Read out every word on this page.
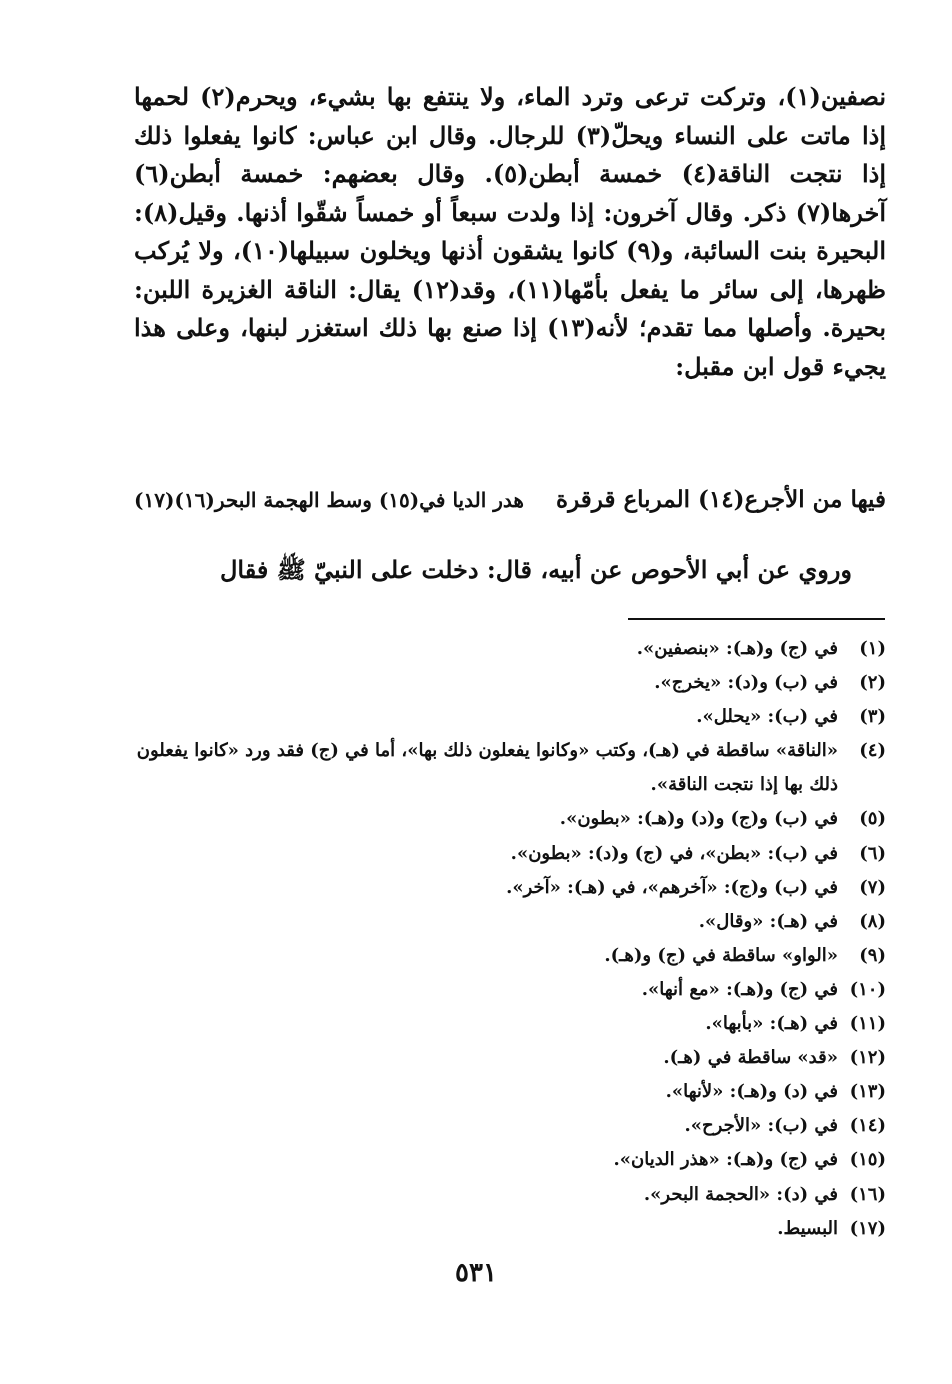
نصفين(١)، وتركت ترعى وترد الماء، ولا ينتفع بها بشيء، ويحرم(٢) لحمها إذا ماتت على النساء ويحلّ(٣) للرجال. وقال ابن عباس: كانوا يفعلوا ذلك إذا نتجت الناقة(٤) خمسة أبطن(٥). وقال بعضهم: خمسة أبطن(٦) آخرها(٧) ذكر. وقال آخرون: إذا ولدت سبعاً أو خمساً شقّوا أذنها. وقيل(٨): البحيرة بنت السائبة، و(٩) كانوا يشقون أذنها ويخلون سبيلها(١٠)، ولا يُركب ظهرها، إلى سائر ما يفعل بأمّها(١١)، وقد(١٢) يقال: الناقة الغزيرة اللبن: بحيرة. وأصلها مما تقدم؛ لأنه(١٣) إذا صنع بها ذلك استغزر لبنها، وعلى هذا يجيء قول ابن مقبل:

فيها من الأجرع(١٤) المرباع قرقرة
هدر الديا في(١٥) وسط الهجمة البحر(١٦)(١٧)
وروي عن أبي الأحوص عن أبيه، قال: دخلت على النبيّ ﷺ فقال
(١)
في (ج) و(هـ): «بنصفين».
(٢)
في (ب) و(د): «يخرج».
(٣)
في (ب): «يحلل».
(٤)
«الناقة» ساقطة في (هـ)، وكتب «وكانوا يفعلون ذلك بها»، أما في (ج) فقد ورد «كانوا يفعلون ذلك بها إذا نتجت الناقة».
(٥)
في (ب) و(ج) و(د) و(هـ): «بطون».
(٦)
في (ب): «بطن»، في (ج) و(د): «بطون».
(٧)
في (ب) و(ج): «آخرهم»، في (هـ): «آخر».
(٨)
في (هـ): «وقال».
(٩)
«الواو» ساقطة في (ج) و(هـ).
(١٠)
في (ج) و(هـ): «مع أنها».
(١١)
في (هـ): «بأبها».
(١٢)
«قد» ساقطة في (هـ).
(١٣)
في (د) و(هـ): «لأنها».
(١٤)
في (ب): «الأجرح».
(١٥)
في (ج) و(هـ): «هذر الديان».
(١٦)
في (د): «الحجمة البحر».
(١٧)
البسيط.
٥٣١
